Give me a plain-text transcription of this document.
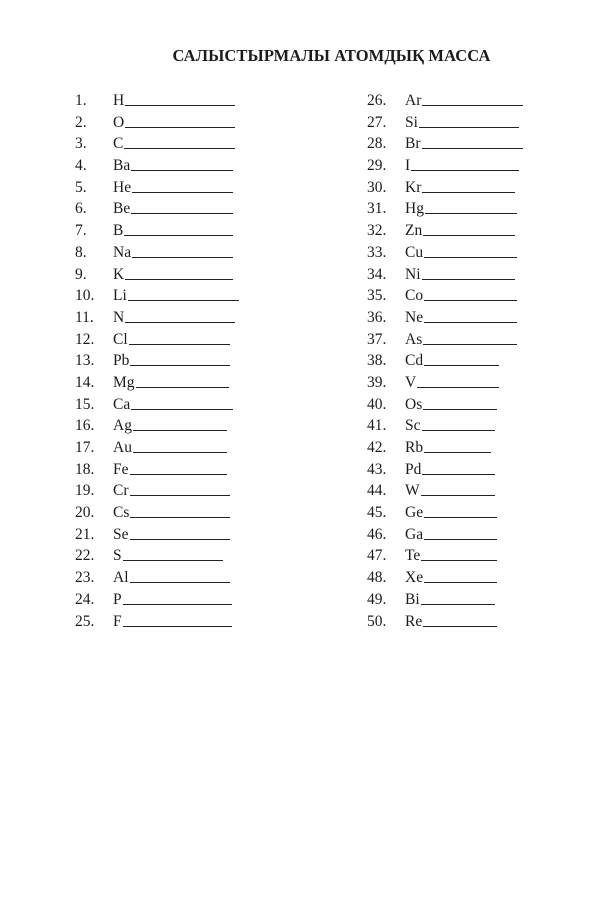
САЛЫСТЫРМАЛЫ АТОМДЫҚ МАССА
1.	H
2.	O
3.	C
4.	Ba
5.	He
6.	Be
7.	B
8.	Na
9.	K
10.	Li
11.	N
12.	Cl
13.	Pb
14.	Mg
15.	Ca
16.	Ag
17.	Au
18.	Fe
19.	Cr
20.	Cs
21.	Se
22.	S
23.	Al
24.	P
25.	F
26.	Ar
27.	Si
28.	Br
29.	I
30.	Kr
31.	Hg
32.	Zn
33.	Cu
34.	Ni
35.	Co
36.	Ne
37.	As
38.	Cd
39.	V
40.	Os
41.	Sc
42.	Rb
43.	Pd
44.	W
45.	Ge
46.	Ga
47.	Te
48.	Xe
49.	Bi
50.	Re
